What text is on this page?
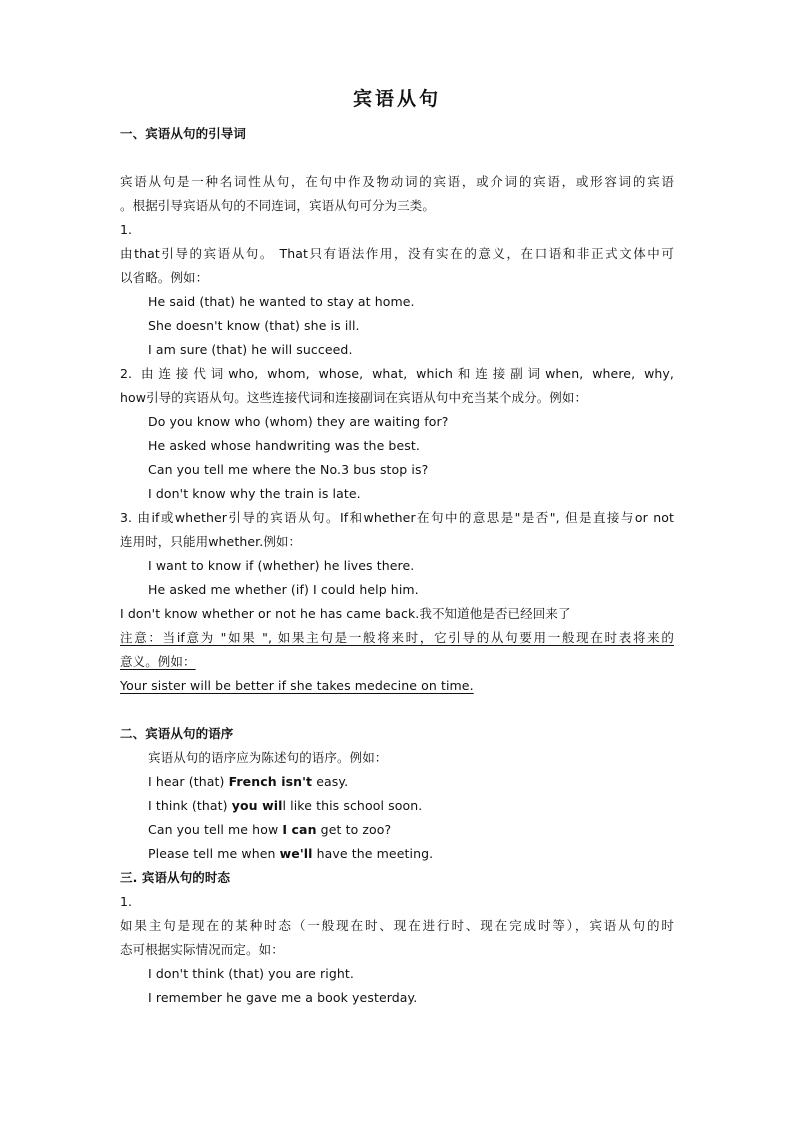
宾语从句
一、宾语从句的引导词
宾语从句是一种名词性从句，在句中作及物动词的宾语，或介词的宾语，或形容词的宾语
。根据引导宾语从句的不同连词，宾语从句可分为三类。
1.
由that引导的宾语从句。 That只有语法作用，没有实在的意义，在口语和非正式文体中可
以省略。例如：
He said (that) he wanted to stay at home.
She doesn't know (that) she is ill.
I am sure (that) he will succeed.
2. 由连接代词who, whom, whose, what, which和连接副词when, where, why,
how引导的宾语从句。这些连接代词和连接副词在宾语从句中充当某个成分。例如：
Do you know who (whom) they are waiting for?
He asked whose handwriting was the best.
Can you tell me where the No.3 bus stop is?
I don't know why the train is late.
3. 由if或whether引导的宾语从句。If和whether在句中的意思是"是否", 但是直接与or not
连用时，只能用whether.例如：
I want to know if (whether) he lives there.
He asked me whether (if) I could help him.
I don't know whether or not he has came back.我不知道他是否已经回来了
注意：当if意为 "如果 ", 如果主句是一般将来时，它引导的从句要用一般现在时表将来的
意义。例如：
Your sister will be better if she takes medecine on time.
二、宾语从句的语序
宾语从句的语序应为陈述句的语序。例如：
I hear (that) French isn't easy.
I think (that) you will like this school soon.
Can you tell me how I can get to zoo?
Please tell me when we'll have the meeting.
三. 宾语从句的时态
1.
如果主句是现在的某种时态（一般现在时、现在进行时、现在完成时等），宾语从句的时
态可根据实际情况而定。如：
I don't think (that) you are right.
I remember he gave me a book yesterday.
